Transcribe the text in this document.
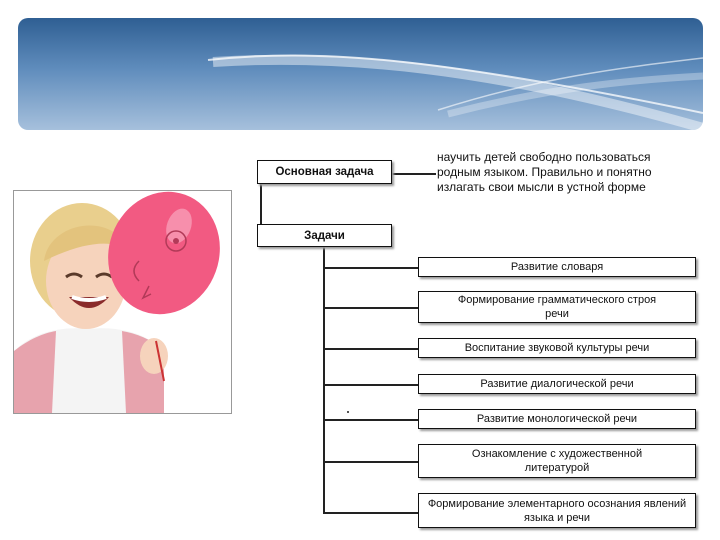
Основная задача
научить детей свободно пользоваться родным языком. Правильно и понятно излагать свои мысли в устной форме
Задачи
Развитие словаря
Формирование грамматического строя речи
Воспитание звуковой культуры речи
Развитие диалогической речи
Развитие монологической речи
Ознакомление с художественной литературой
Формирование элементарного осознания явлений языка и речи
